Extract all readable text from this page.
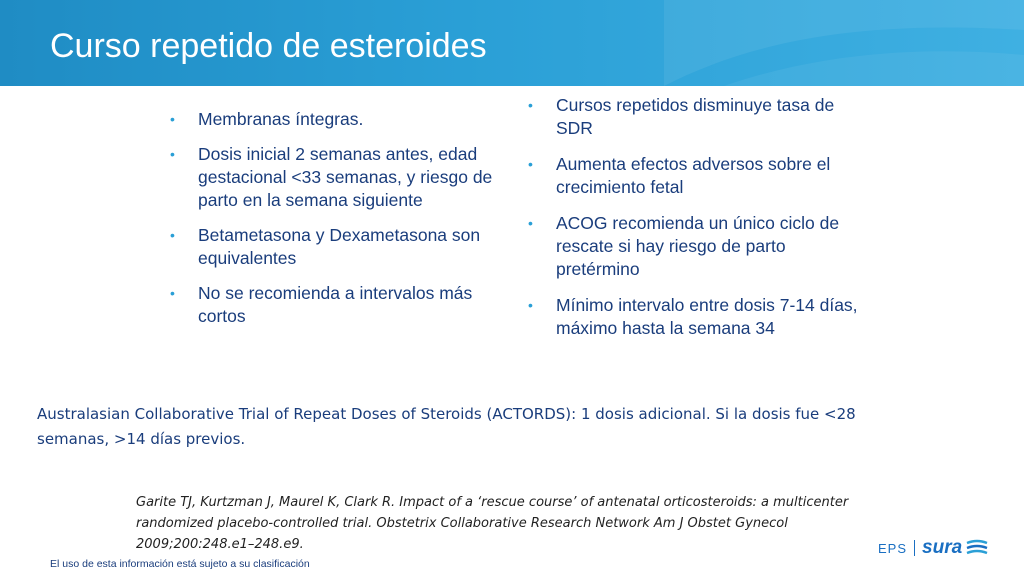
Curso repetido de esteroides
• Membranas íntegras.
• Dosis inicial 2 semanas antes, edad gestacional <33 semanas, y riesgo de parto en la semana siguiente
• Betametasona y Dexametasona son equivalentes
• No se recomienda a intervalos más cortos
• Cursos repetidos disminuye tasa de SDR
• Aumenta efectos adversos sobre el crecimiento fetal
• ACOG recomienda un único ciclo de rescate si hay riesgo de parto pretérmino
• Mínimo intervalo entre dosis 7-14 días, máximo hasta la semana 34

Australasian Collaborative Trial of Repeat Doses of Steroids (ACTORDS): 1 dosis adicional. Si la dosis fue <28 semanas, >14 días previos.

Garite TJ, Kurtzman J, Maurel K, Clark R. Impact of a ‘rescue course’ of antenatal orticosteroids: a multicenter randomized placebo-controlled trial. Obstetrix Collaborative Research Network Am J Obstet Gynecol 2009;200:248.e1–248.e9.

El uso de esta información está sujeto a su clasificación
EPS sura
